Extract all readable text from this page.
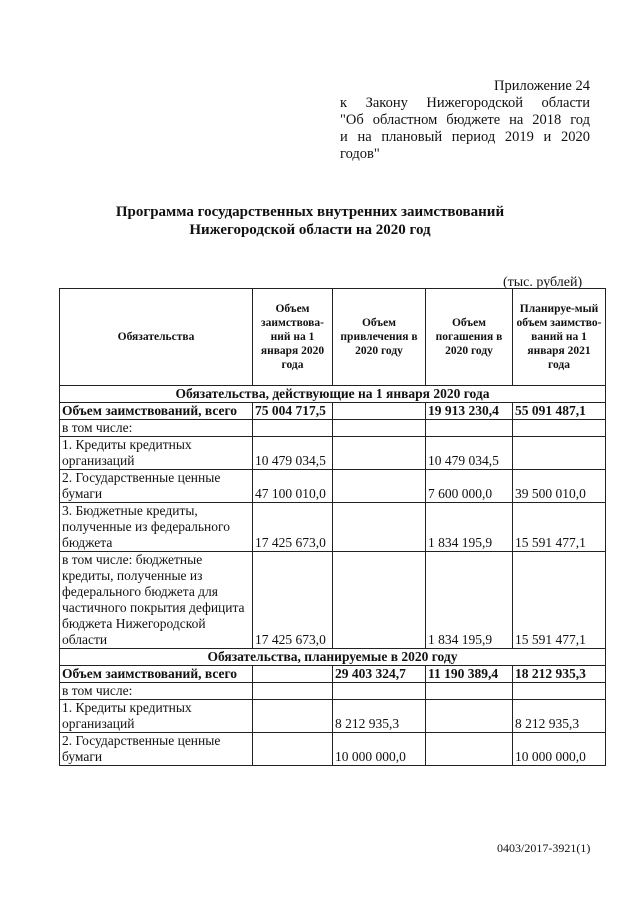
Приложение 24
к Закону Нижегородской области
"Об областном бюджете на 2018 год
и на плановый период 2019 и 2020
годов"
Программа государственных внутренних заимствований
Нижегородской области на 2020 год
(тыс. рублей)
Обязательства	Объем заимствова-ний на 1 января 2020 года	Объем привлечения в 2020 году	Объем погашения в 2020 году	Планируе-мый объем заимство-ваний на 1 января 2021 года
Обязательства, действующие на 1 января 2020 года				
Объем заимствований, всего	75 004 717,5		19 913 230,4	55 091 487,1
в том числе:				
1. Кредиты кредитных организаций	10 479 034,5		10 479 034,5	
2. Государственные ценные бумаги	47 100 010,0		7 600 000,0	39 500 010,0
3. Бюджетные кредиты, полученные из федерального бюджета	17 425 673,0		1 834 195,9	15 591 477,1
в том числе: бюджетные кредиты, полученные из федерального бюджета для частичного покрытия дефицита бюджета Нижегородской области	17 425 673,0		1 834 195,9	15 591 477,1
Обязательства, планируемые в 2020 году				
Объем заимствований, всего		29 403 324,7	11 190 389,4	18 212 935,3
в том числе:				
1. Кредиты кредитных организаций		8 212 935,3		8 212 935,3
2. Государственные ценные бумаги		10 000 000,0		10 000 000,0
0403/2017-3921(1)
